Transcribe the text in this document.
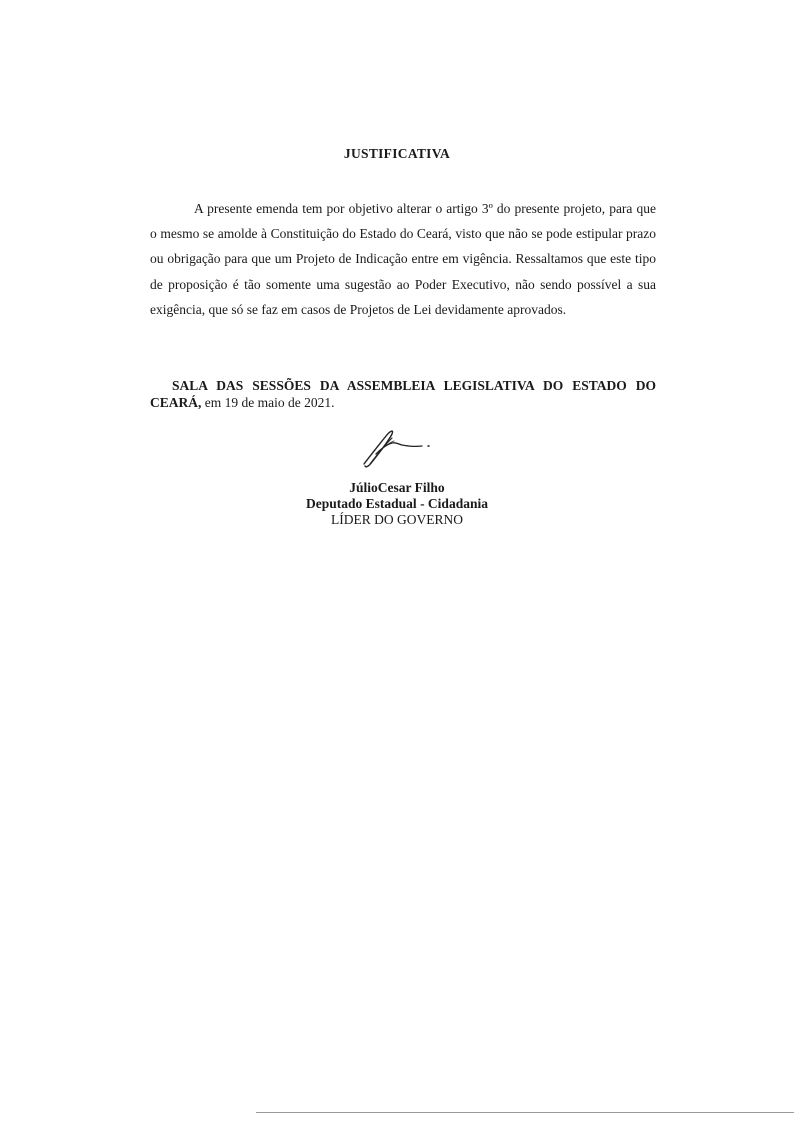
JUSTIFICATIVA

A presente emenda tem por objetivo alterar o artigo 3º do presente projeto, para que o mesmo se amolde à Constituição do Estado do Ceará, visto que não se pode estipular prazo ou obrigação para que um Projeto de Indicação entre em vigência. Ressaltamos que este tipo de proposição é tão somente uma sugestão ao Poder Executivo, não sendo possível a sua exigência, que só se faz em casos de Projetos de Lei devidamente aprovados.

SALA DAS SESSÕES DA ASSEMBLEIA LEGISLATIVA DO ESTADO DO CEARÁ, em 19 de maio de 2021.

JúlioCesar Filho
Deputado Estadual - Cidadania
LÍDER DO GOVERNO
